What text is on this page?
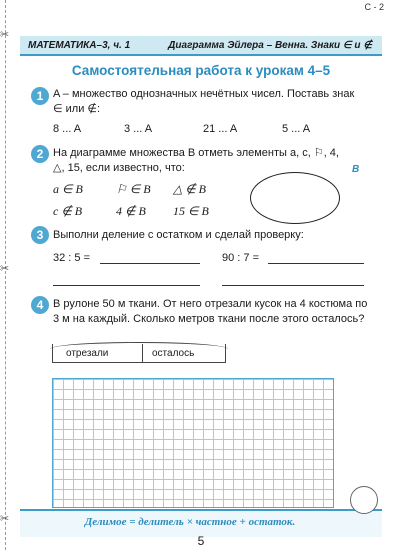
✂
✂
✂
С - 2
МАТЕМАТИКА–3, ч. 1	Диаграмма Эйлера – Венна. Знаки ∈ и ∉
Самостоятельная работа к урокам 4–5
1 A – множество однозначных нечётных чисел. Поставь знак
∈ или ∉:
8 ... A	3 ... A	21 ... A	5 ... A
2 На диаграмме множества B отметь элементы a, c, ⚐, 4,
△, 15, если известно, что:
a ∈ B	⚐ ∈ B △ ∉ B
c ∉ B	4 ∉ B 15 ∈ B
B
3 Выполни деление с остатком и сделай проверку:
32 : 5 =	90 : 7 =
4 В рулоне 50 м ткани. От него отрезали кусок на 4 костюма по
3 м на каждый. Сколько метров ткани после этого осталось?
отрезали	осталось
Делимое = делитель × частное + остаток.
5
